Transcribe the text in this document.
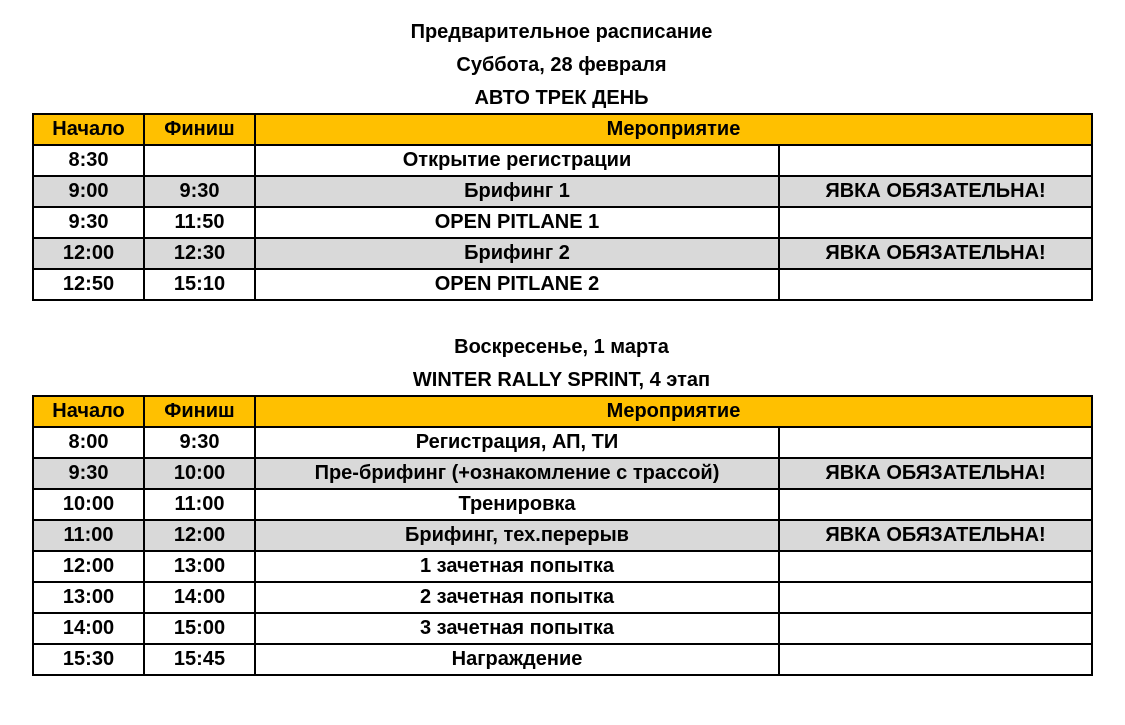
Предварительное расписание
Суббота, 28 февраля
АВТО ТРЕК ДЕНЬ
Начало	Финиш	Мероприятие	
8:30		Открытие регистрации	
9:00	9:30	Брифинг 1	ЯВКА ОБЯЗАТЕЛЬНА!
9:30	11:50	OPEN PITLANE 1	
12:00	12:30	Брифинг 2	ЯВКА ОБЯЗАТЕЛЬНА!
12:50	15:10	OPEN PITLANE 2	
Воскресенье, 1 марта
WINTER RALLY SPRINT, 4 этап
Начало	Финиш	Мероприятие	
8:00	9:30	Регистрация, АП, ТИ	
9:30	10:00	Пре-брифинг (+ознакомление с трассой)	ЯВКА ОБЯЗАТЕЛЬНА!
10:00	11:00	Тренировка	
11:00	12:00	Брифинг, тех.перерыв	ЯВКА ОБЯЗАТЕЛЬНА!
12:00	13:00	1 зачетная попытка	
13:00	14:00	2 зачетная попытка	
14:00	15:00	3 зачетная попытка	
15:30	15:45	Награждение	
